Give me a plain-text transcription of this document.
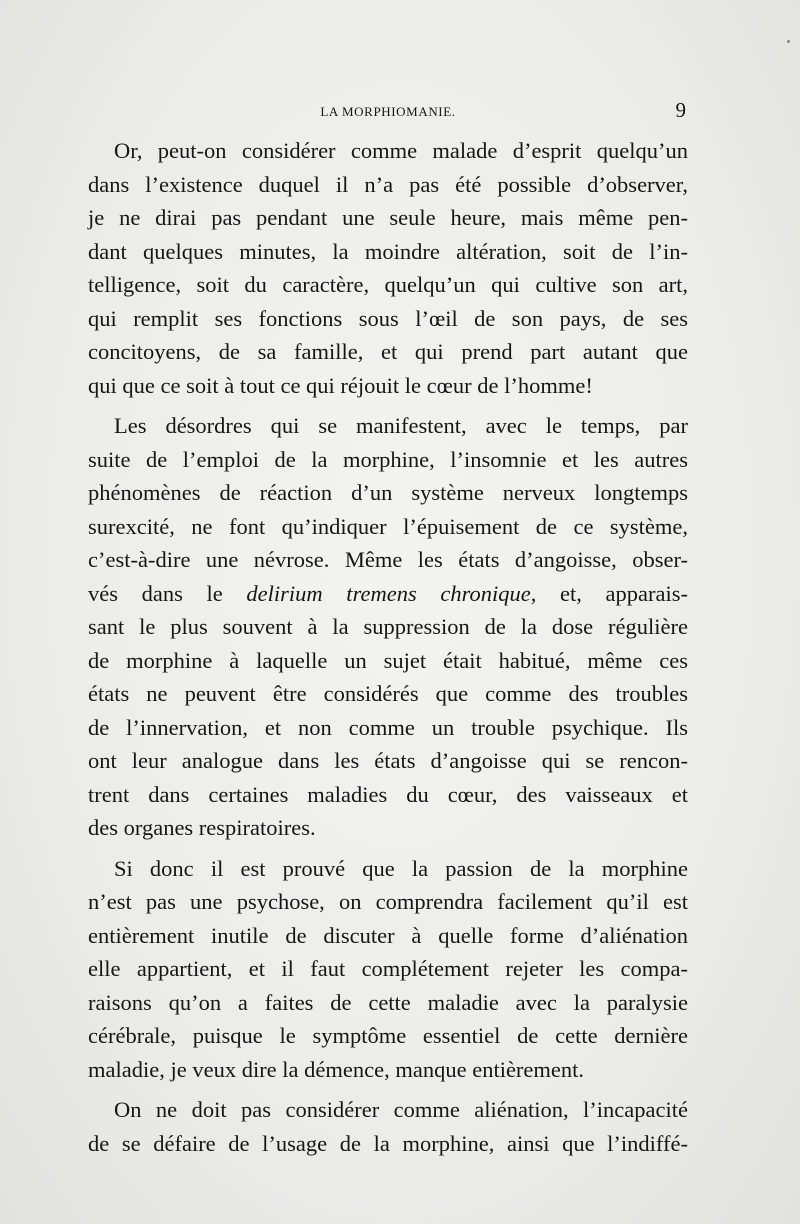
LA MORPHIOMANIE.	9
Or, peut-on considérer comme malade d’esprit quelqu’un
dans l’existence duquel il n’a pas été possible d’observer,
je ne dirai pas pendant une seule heure, mais même pen-
dant quelques minutes, la moindre altération, soit de l’in-
telligence, soit du caractère, quelqu’un qui cultive son art,
qui remplit ses fonctions sous l’œil de son pays, de ses
concitoyens, de sa famille, et qui prend part autant que
qui que ce soit à tout ce qui réjouit le cœur de l’homme!
Les désordres qui se manifestent, avec le temps, par
suite de l’emploi de la morphine, l’insomnie et les autres
phénomènes de réaction d’un système nerveux longtemps
surexcité, ne font qu’indiquer l’épuisement de ce système,
c’est-à-dire une névrose. Même les états d’angoisse, obser-
vés dans le delirium tremens chronique, et, apparais-
sant le plus souvent à la suppression de la dose régulière
de morphine à laquelle un sujet était habitué, même ces
états ne peuvent être considérés que comme des troubles
de l’innervation, et non comme un trouble psychique. Ils
ont leur analogue dans les états d’angoisse qui se rencon-
trent dans certaines maladies du cœur, des vaisseaux et
des organes respiratoires.
Si donc il est prouvé que la passion de la morphine
n’est pas une psychose, on comprendra facilement qu’il est
entièrement inutile de discuter à quelle forme d’aliénation
elle appartient, et il faut complétement rejeter les compa-
raisons qu’on a faites de cette maladie avec la paralysie
cérébrale, puisque le symptôme essentiel de cette dernière
maladie, je veux dire la démence, manque entièrement.
On ne doit pas considérer comme aliénation, l’incapacité
de se défaire de l’usage de la morphine, ainsi que l’indiffé-
